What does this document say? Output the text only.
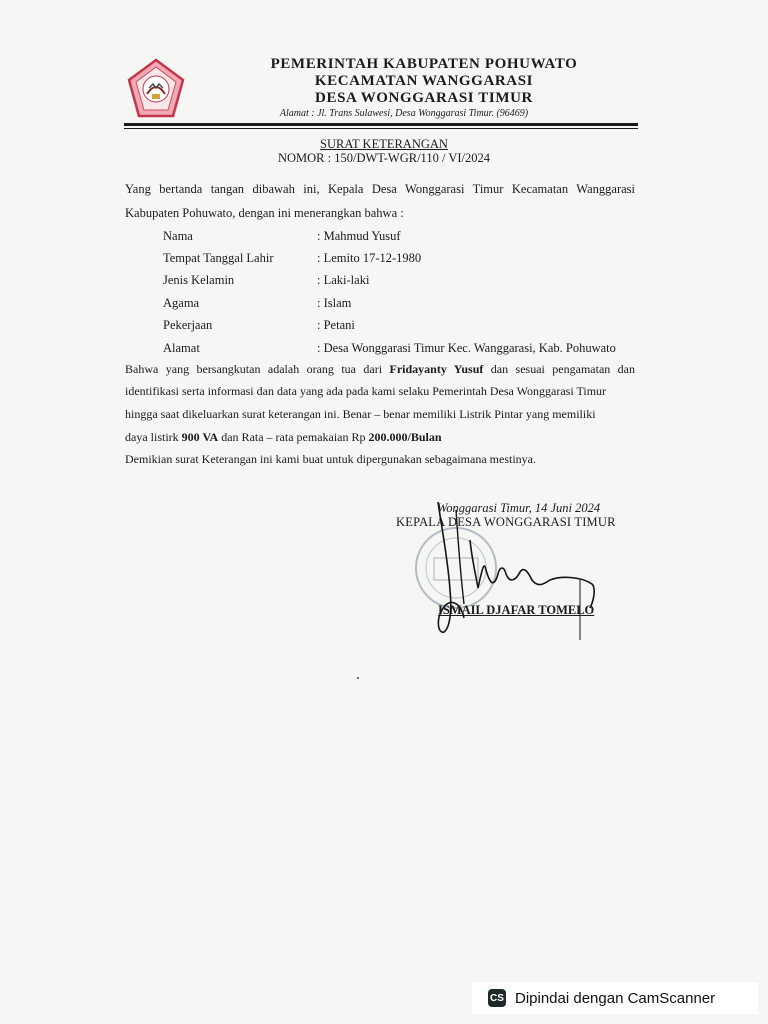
PEMERINTAH KABUPATEN POHUWATO
KECAMATAN WANGGARASI
DESA WONGGARASI TIMUR
Alamat : Jl. Trans Sulawesi, Desa Wonggarasi Timur. (96469)
SURAT KETERANGAN
NOMOR : 150/DWT-WGR/110 / VI/2024
Yang bertanda tangan dibawah ini, Kepala Desa Wonggarasi Timur Kecamatan Wanggarasi
Kabupaten Pohuwato, dengan ini menerangkan bahwa :
Nama	: Mahmud Yusuf
Tempat Tanggal Lahir	: Lemito 17-12-1980
Jenis Kelamin	: Laki-laki
Agama	: Islam
Pekerjaan	: Petani
Alamat	: Desa Wonggarasi Timur Kec. Wanggarasi, Kab. Pohuwato
Bahwa yang bersangkutan adalah orang tua dari Fridayanty Yusuf dan sesuai pengamatan dan
identifikasi serta informasi dan data yang ada pada kami selaku Pemerintah Desa Wonggarasi Timur
hingga saat dikeluarkan surat keterangan ini. Benar – benar memiliki Listrik Pintar yang memiliki
daya listirk 900 VA dan Rata – rata pemakaian Rp 200.000/Bulan
Demikian surat Keterangan ini kami buat untuk dipergunakan sebagaimana mestinya.
Wonggarasi Timur, 14 Juni 2024
KEPALA DESA WONGGARASI TIMUR
ISMAIL DJAFAR TOMELO
CS Dipindai dengan CamScanner
